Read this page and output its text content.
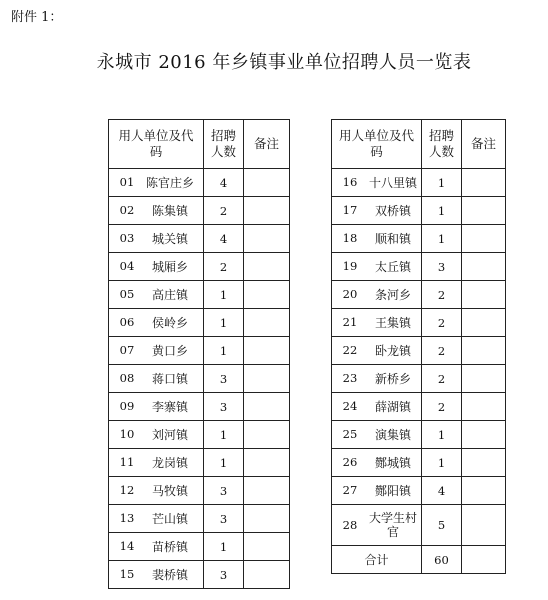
附件 1：
永城市 2016 年乡镇事业单位招聘人员一览表
用人单位及代码	招聘人数	备注
01 陈官庄乡	4	
02 陈集镇	2	
03 城关镇	4	
04 城厢乡	2	
05 高庄镇	1	
06 侯岭乡	1	
07 黄口乡	1	
08 蒋口镇	3	
09 李寨镇	3	
10 刘河镇	1	
11 龙岗镇	1	
12 马牧镇	3	
13 芒山镇	3	
14 苗桥镇	1	
15 裴桥镇	3	
用人单位及代码	招聘人数	备注
16 十八里镇	1	
17 双桥镇	1	
18 顺和镇	1	
19 太丘镇	3	
20 条河乡	2	
21 王集镇	2	
22 卧龙镇	2	
23 新桥乡	2	
24 薛湖镇	2	
25 演集镇	1	
26 酂城镇	1	
27 酂阳镇	4	
28 大学生村官	5	
合计	60	
